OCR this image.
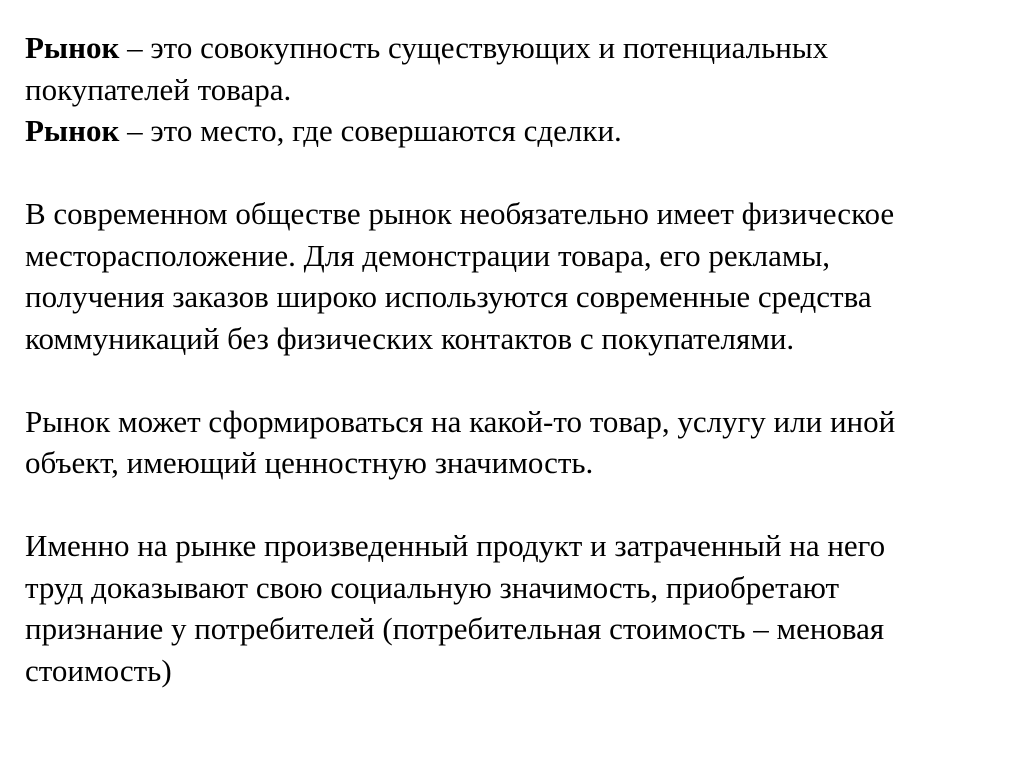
Рынок – это совокупность существующих и потенциальных
покупателей товара.
Рынок – это место, где совершаются сделки.
В современном обществе рынок необязательно имеет физическое
месторасположение. Для демонстрации товара, его рекламы,
получения заказов широко используются современные средства
коммуникаций без физических контактов с покупателями.
Рынок может сформироваться на какой-то товар, услугу или иной
объект, имеющий ценностную значимость.
Именно на рынке произведенный продукт и затраченный на него
труд доказывают свою социальную значимость, приобретают
признание у потребителей (потребительная стоимость – меновая
стоимость)
